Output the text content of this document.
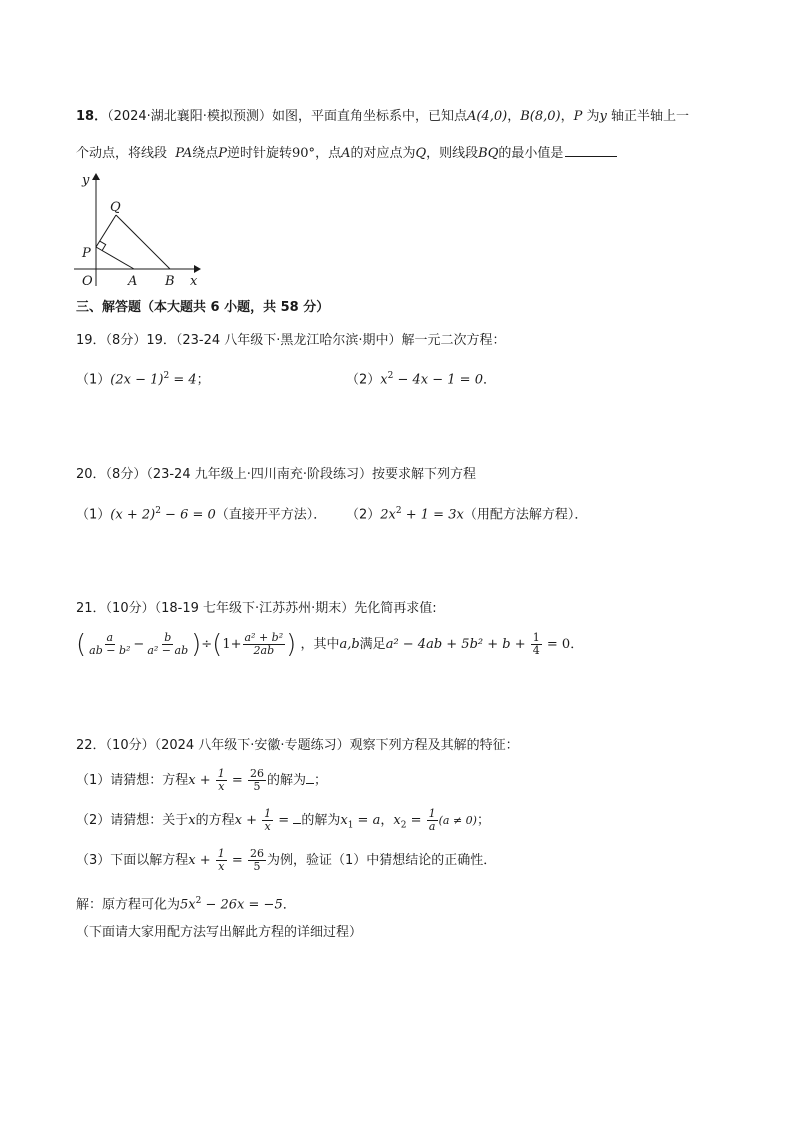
18．（2024·湖北襄阳·模拟预测）如图，平面直角坐标系中，已知点A(4,0)，B(8,0)，P 为y 轴正半轴上一
个动点，将线段 PA绕点P逆时针旋转90°，点A的对应点为Q，则线段BQ的最小值是
y
x
O	A B
P
Q
三、解答题（本大题共 6 小题，共 58 分）
19．（8分）19．（23-24 八年级下·黑龙江哈尔滨·期中）解一元二次方程：
$(1)(2x - 1)^2 = 4$；	$(2)x^2 - 4x - 1 = 0$．
20．（8分）（23-24 九年级上·四川南充·阶段练习）按要求解下列方程
$(1)(x + 2)^2 - 6 = 0$（直接开平方法）． $(2)2x^2 + 1 = 3x$（用配方法解方程）．
21．（10分）（18-19 七年级下·江苏苏州·期末）先化简再求值:
( $\frac{a}{\text{ab − b²}} - \frac{b}{\text{a² − ab}} )\div(1+ \frac{\text{a² + b²}}{2ab}$ ) ，其中a,b满足$a^2 - 4ab + 5b^2 + b + \frac{1}{4} = 0$．
22．（10分）（2024 八年级下·安徽·专题练习）观察下列方程及其解的特征：
（1）请猜想：方程$x + \frac{1}{x} = \frac{26}{5}$ 的解为 ；
（2）请猜想：关于x的方程$x + \frac{1}{x}$ = 的解为$x_1 = a$，$x_2 = \frac{1}{a} (a \ne 0)$；
（3）下面以解方程$x + \frac{1}{x} = \frac{26}{5}$ 为例，验证（1）中猜想结论的正确性．
解：原方程可化为$5x^2 - 26x = -5$．
（下面请大家用配方法写出解此方程的详细过程）
